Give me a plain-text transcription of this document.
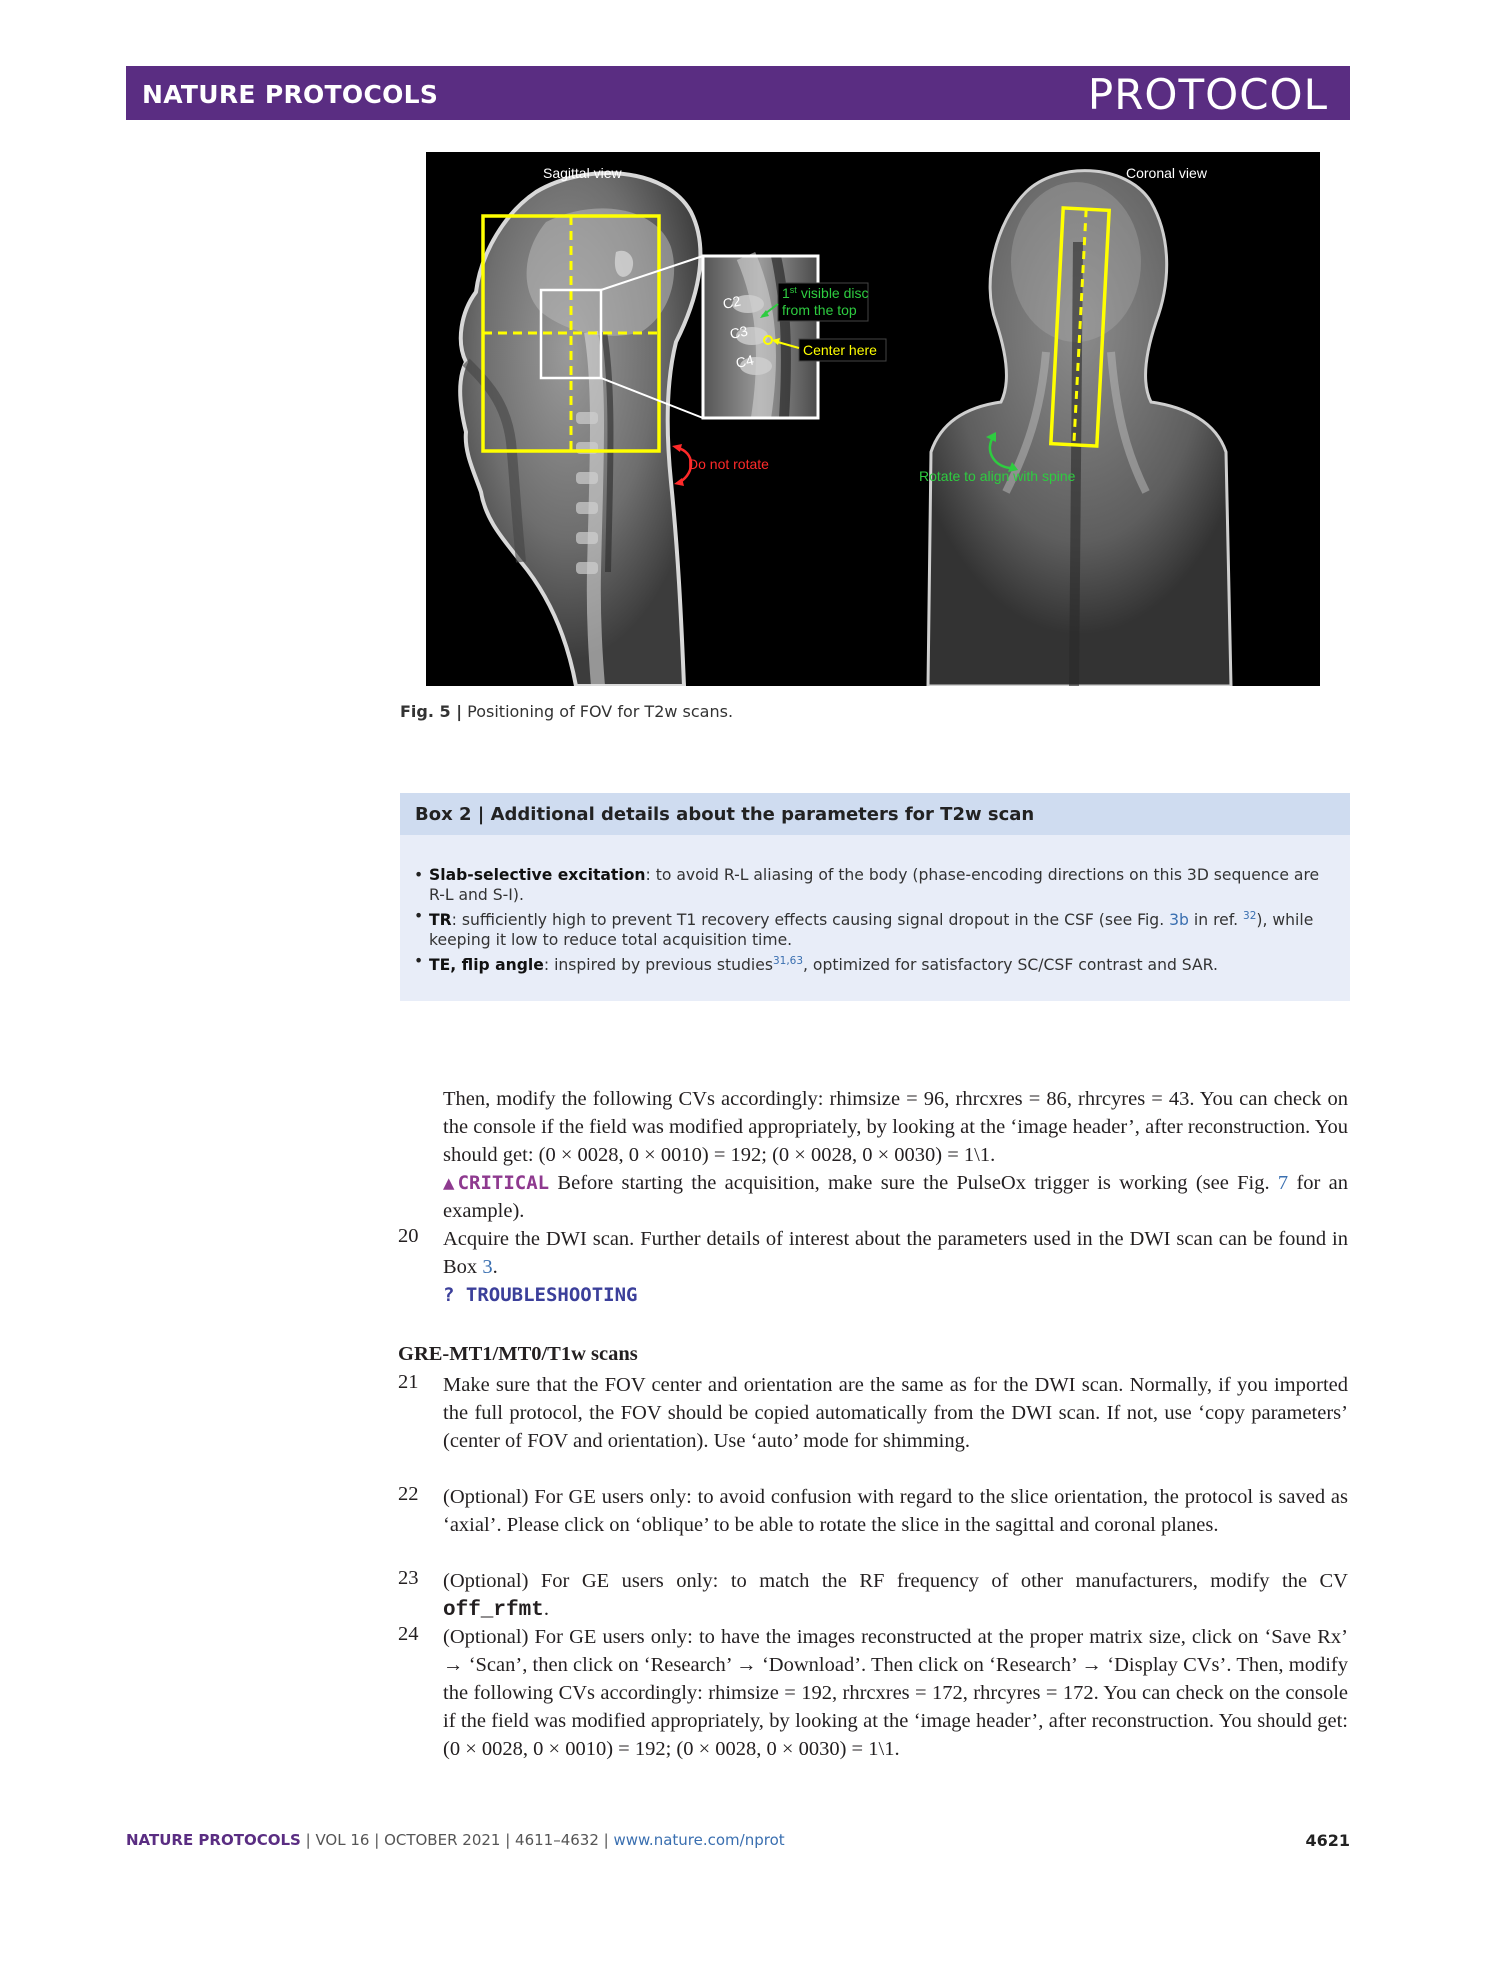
NATURE PROTOCOLS	PROTOCOL
C2
C3
C4
1st visible disc
from the top
Center here
Do not rotate
Rotate to align with spine
Sagittal view	Coronal view
Fig. 5 | Positioning of FOV for T2w scans.
Box 2 | Additional details about the parameters for T2w scan

• Slab-selective excitation: to avoid R-L aliasing of the body (phase-encoding directions on this 3D sequence are R-L and S-I).

• TR: sufficiently high to prevent T1 recovery effects causing signal dropout in the CSF (see Fig. 3b in ref. $^{32}$), while keeping it low to reduce total acquisition time.

• TE, flip angle: inspired by previous studies$^{31,63}$, optimized for satisfactory SC/CSF contrast and SAR.

Then, modify the following CVs accordingly: rhimsize = 96, rhrcxres = 86, rhrcyres = 43. You can check on the console if the field was modified appropriately, by looking at the ‘image header’, after reconstruction. You should get: (0 × 0028, 0 × 0010) = 192; (0 × 0028, 0 × 0030) = 1\1.
▲CRITICAL Before starting the acquisition, make sure the PulseOx trigger is working (see Fig. 7 for an example).
20 Acquire the DWI scan. Further details of interest about the parameters used in the DWI scan can be found in Box 3.
? TROUBLESHOOTING
GRE-MT1/MT0/T1w scans
21 Make sure that the FOV center and orientation are the same as for the DWI scan. Normally, if you imported the full protocol, the FOV should be copied automatically from the DWI scan. If not, use ‘copy parameters’ (center of FOV and orientation). Use ‘auto’ mode for shimming.
22 (Optional) For GE users only: to avoid confusion with regard to the slice orientation, the protocol is saved as ‘axial’. Please click on ‘oblique’ to be able to rotate the slice in the sagittal and coronal planes.
23 (Optional) For GE users only: to match the RF frequency of other manufacturers, modify the CV off_rfmt.
24 (Optional) For GE users only: to have the images reconstructed at the proper matrix size, click on ‘Save Rx’ → ‘Scan’, then click on ‘Research’ → ‘Download’. Then click on ‘Research’ → ‘Display CVs’. Then, modify the following CVs accordingly: rhimsize = 192, rhrcxres = 172, rhrcyres = 172. You can check on the console if the field was modified appropriately, by looking at the ‘image header’, after reconstruction. You should get: (0 × 0028, 0 × 0010) = 192; (0 × 0028, 0 × 0030) = 1\1.
NATURE PROTOCOLS | VOL 16 | OCTOBER 2021 | 4611–4632 | www.nature.com/nprot	4621
